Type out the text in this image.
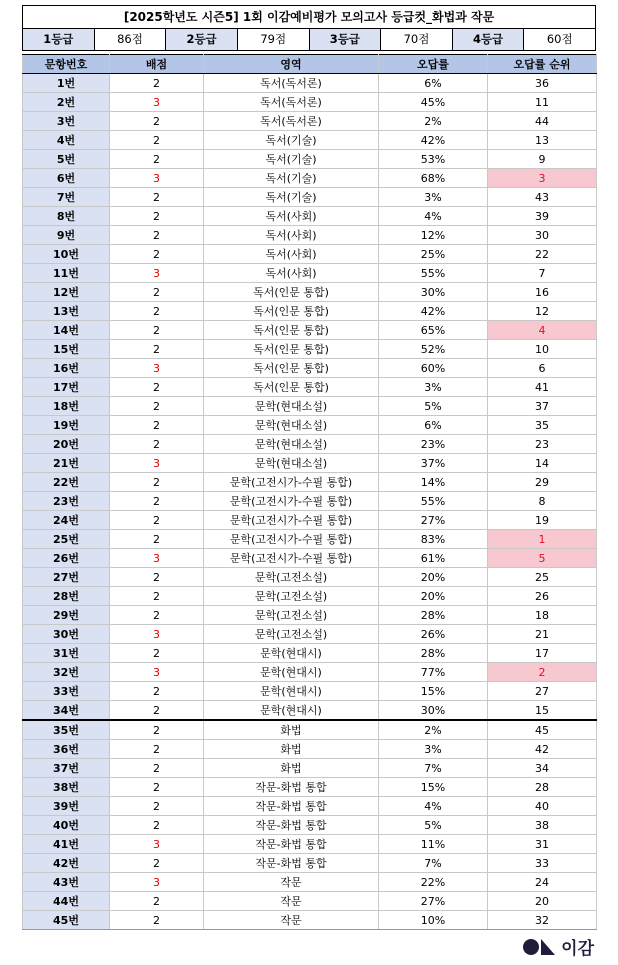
[2025학년도 시즌5] 1회 이감예비평가 모의고사 등급컷_화법과 작문
1등급	86점	2등급	79점	3등급	70점	4등급	60점
문항번호	배점	영역	오답률	오답률 순위
1번	2	독서(독서론)	6%	36
2번	3	독서(독서론)	45%	11
3번	2	독서(독서론)	2%	44
4번	2	독서(기술)	42%	13
5번	2	독서(기술)	53%	9
6번	3	독서(기술)	68%	3
7번	2	독서(기술)	3%	43
8번	2	독서(사회)	4%	39
9번	2	독서(사회)	12%	30
10번	2	독서(사회)	25%	22
11번	3	독서(사회)	55%	7
12번	2	독서(인문 통합)	30%	16
13번	2	독서(인문 통합)	42%	12
14번	2	독서(인문 통합)	65%	4
15번	2	독서(인문 통합)	52%	10
16번	3	독서(인문 통합)	60%	6
17번	2	독서(인문 통합)	3%	41
18번	2	문학(현대소설)	5%	37
19번	2	문학(현대소설)	6%	35
20번	2	문학(현대소설)	23%	23
21번	3	문학(현대소설)	37%	14
22번	2	문학(고전시가-수필 통합)	14%	29
23번	2	문학(고전시가-수필 통합)	55%	8
24번	2	문학(고전시가-수필 통합)	27%	19
25번	2	문학(고전시가-수필 통합)	83%	1
26번	3	문학(고전시가-수필 통합)	61%	5
27번	2	문학(고전소설)	20%	25
28번	2	문학(고전소설)	20%	26
29번	2	문학(고전소설)	28%	18
30번	3	문학(고전소설)	26%	21
31번	2	문학(현대시)	28%	17
32번	3	문학(현대시)	77%	2
33번	2	문학(현대시)	15%	27
34번	2	문학(현대시)	30%	15
35번	2	화법	2%	45
36번	2	화법	3%	42
37번	2	화법	7%	34
38번	2	작문-화법 통합	15%	28
39번	2	작문-화법 통합	4%	40
40번	2	작문-화법 통합	5%	38
41번	3	작문-화법 통합	11%	31
42번	2	작문-화법 통합	7%	33
43번	3	작문	22%	24
44번	2	작문	27%	20
45번	2	작문	10%	32
이감
